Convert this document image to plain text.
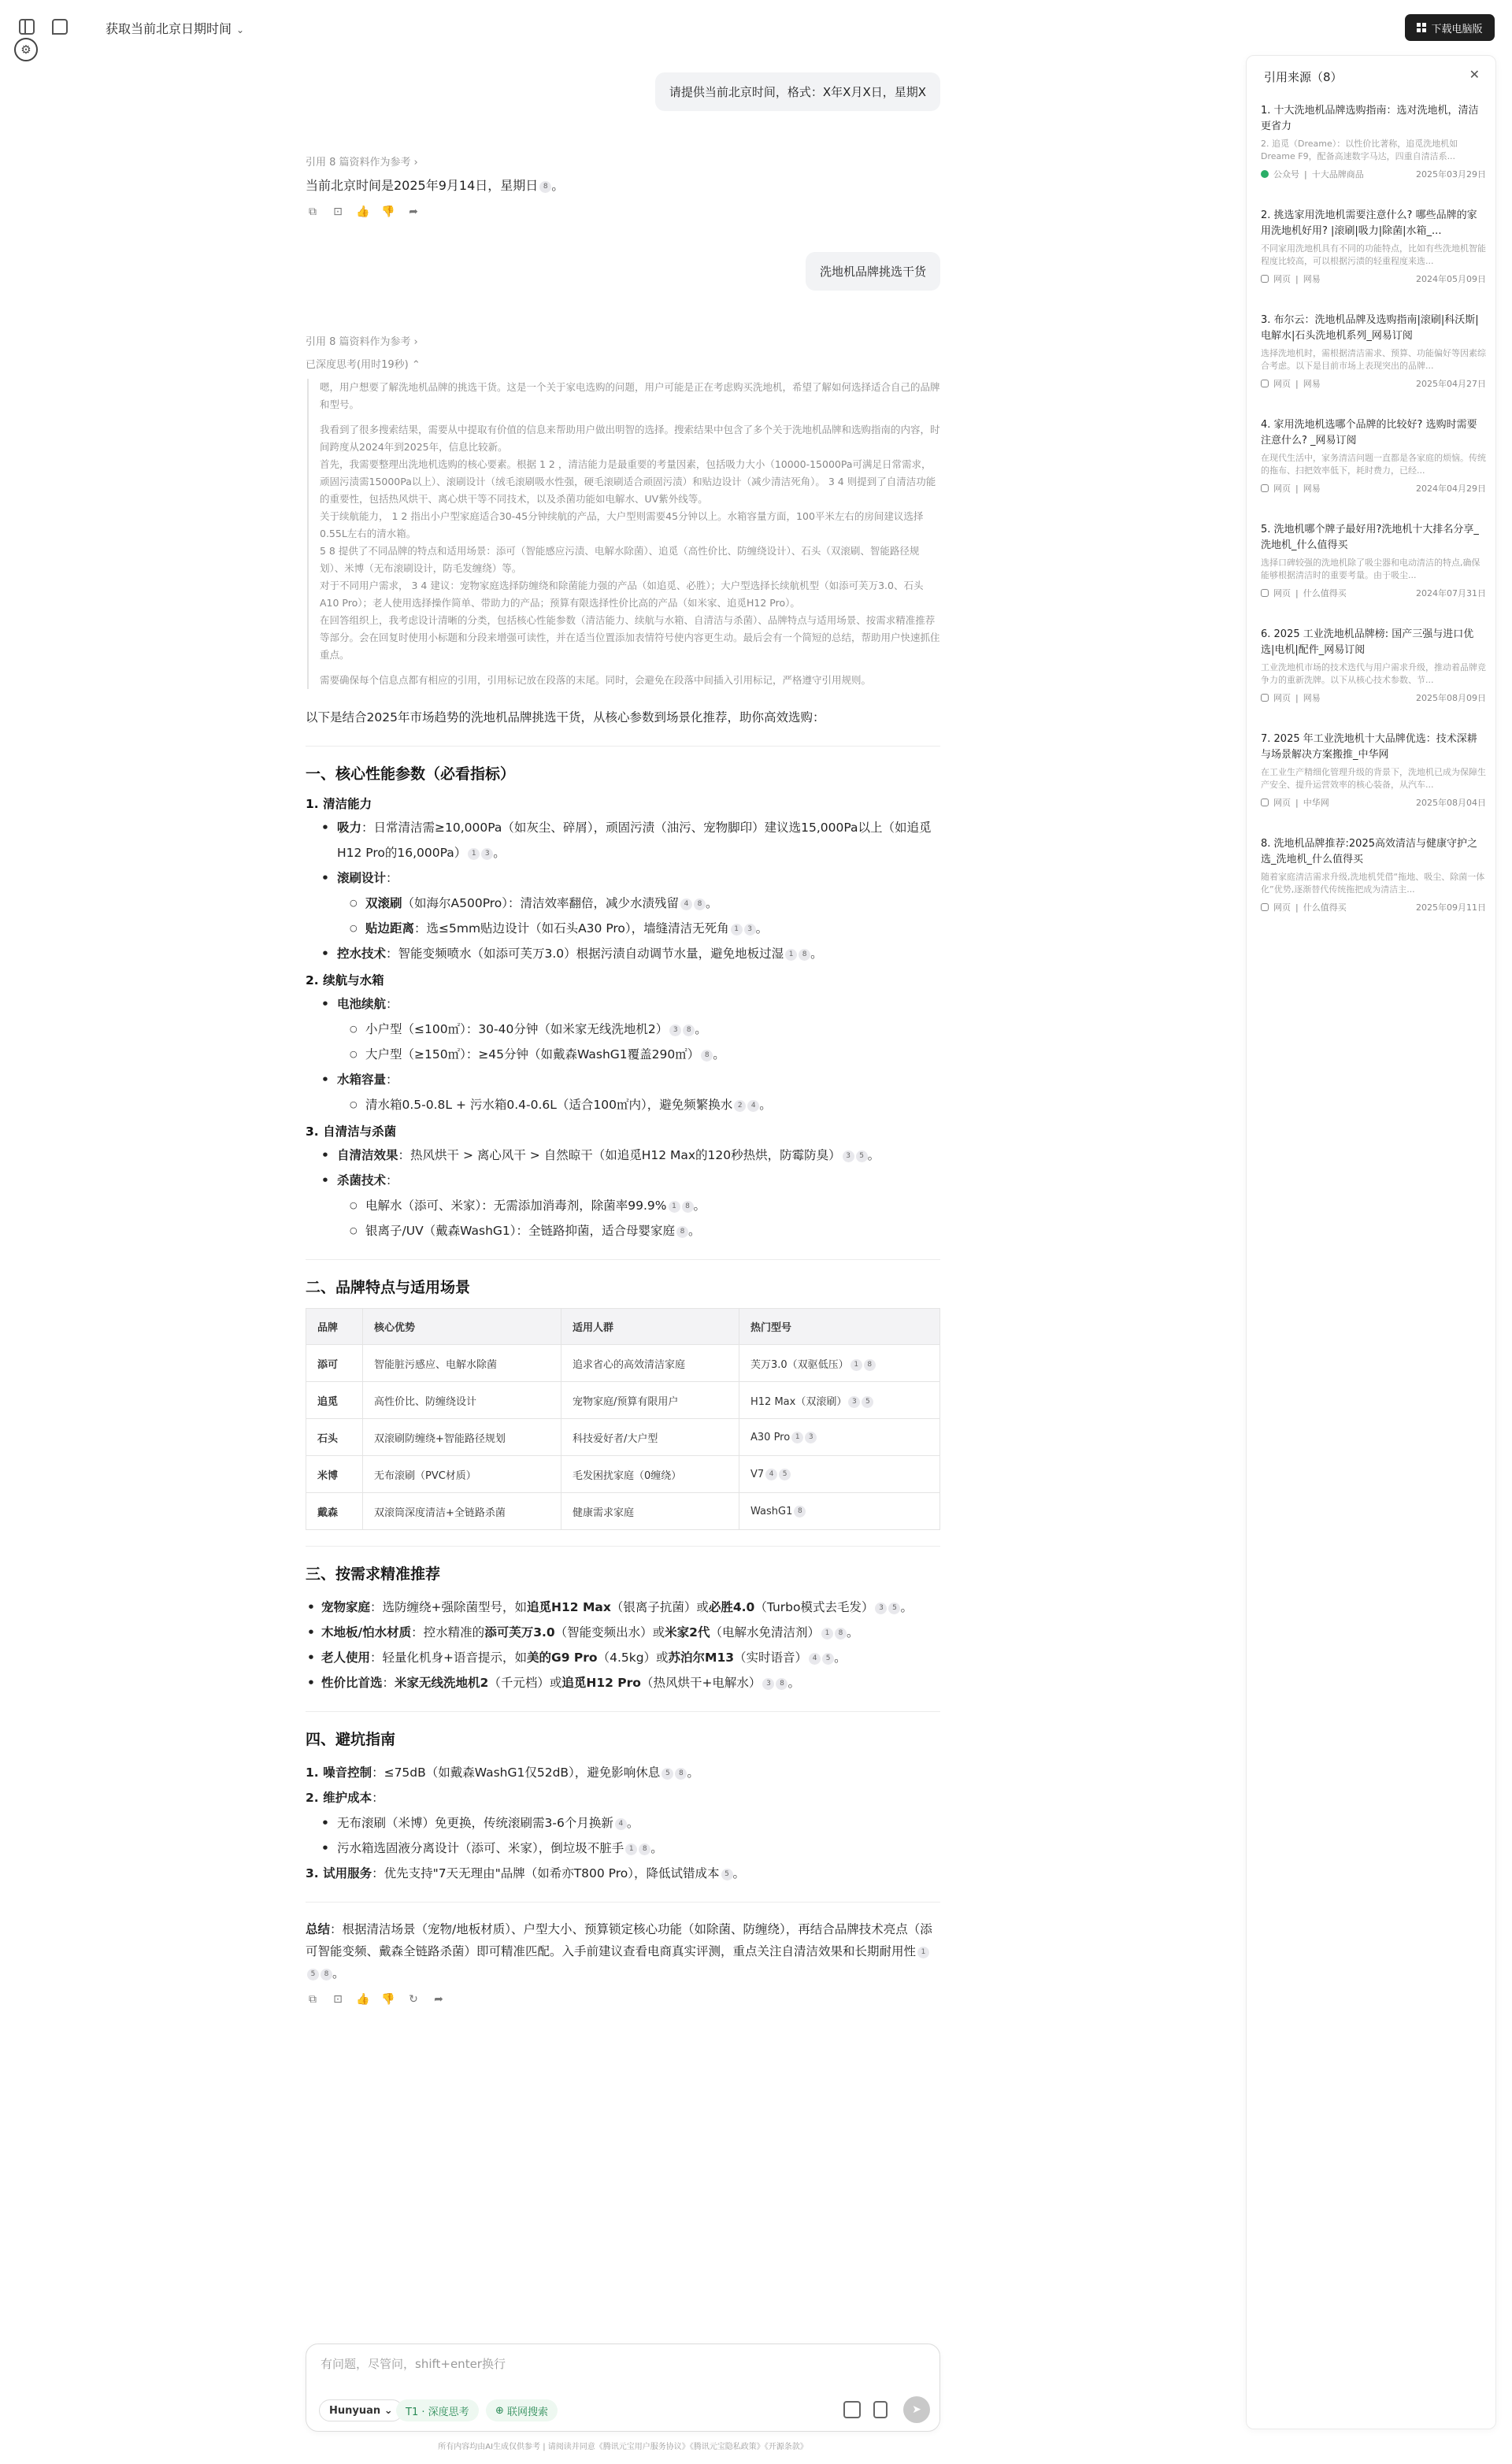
获取当前北京日期时间 ⌄
⚙
下载电脑版
请提供当前北京时间，格式：X年X月X日，星期X
引用 8 篇资料作为参考 ›
当前北京时间是2025年9月14日，星期日 8 。
⧉ ⊡ 👍 👎 ➦
洗地机品牌挑选干货
引用 8 篇资料作为参考 ›
已深度思考(用时19秒) ⌃

嗯，用户想要了解洗地机品牌的挑选干货。这是一个关于家电选购的问题，用户可能是正在考虑购买洗地机，希望了解如何选择适合自己的品牌和型号。

我看到了很多搜索结果，需要从中提取有价值的信息来帮助用户做出明智的选择。搜索结果中包含了多个关于洗地机品牌和选购指南的内容，时间跨度从2024年到2025年，信息比较新。

首先，我需要整理出洗地机选购的核心要素。根据 1 2 ，清洁能力是最重要的考量因素，包括吸力大小（10000-15000Pa可满足日常需求，顽固污渍需15000Pa以上）、滚刷设计（绒毛滚刷吸水性强，硬毛滚刷适合顽固污渍）和贴边设计（减少清洁死角）。 3 4 则提到了自清洁功能的重要性，包括热风烘干、离心烘干等不同技术，以及杀菌功能如电解水、UV紫外线等。

关于续航能力， 1 2 指出小户型家庭适合30-45分钟续航的产品，大户型则需要45分钟以上。水箱容量方面，100平米左右的房间建议选择0.55L左右的清水箱。

5 8 提供了不同品牌的特点和适用场景：添可（智能感应污渍、电解水除菌）、追觅（高性价比、防缠绕设计）、石头（双滚刷、智能路径规划）、米博（无布滚刷设计，防毛发缠绕）等。

对于不同用户需求， 3 4 建议：宠物家庭选择防缠绕和除菌能力强的产品（如追觅、必胜）；大户型选择长续航机型（如添可芙万3.0、石头A10 Pro）；老人使用选择操作简单、带助力的产品；预算有限选择性价比高的产品（如米家、追觅H12 Pro）。

在回答组织上，我考虑设计清晰的分类，包括核心性能参数（清洁能力、续航与水箱、自清洁与杀菌）、品牌特点与适用场景、按需求精准推荐等部分。会在回复时使用小标题和分段来增强可读性，并在适当位置添加表情符号使内容更生动。最后会有一个简短的总结，帮助用户快速抓住重点。

需要确保每个信息点都有相应的引用，引用标记放在段落的末尾。同时，会避免在段落中间插入引用标记，严格遵守引用规则。

以下是结合2025年市场趋势的洗地机品牌挑选干货，从核心参数到场景化推荐，助你高效选购：
一、核心性能参数（必看指标）
1. 清洁能力
• 吸力：日常清洁需≥10,000Pa（如灰尘、碎屑），顽固污渍（油污、宠物脚印）建议选15,000Pa以上（如追觅H12 Pro的16,000Pa） 1 3 。
• 滚刷设计：
○ 双滚刷（如海尔A500Pro）：清洁效率翻倍，减少水渍残留 4 8 。
○ 贴边距离：选≤5mm贴边设计（如石头A30 Pro），墙缝清洁无死角 1 3 。
• 控水技术：智能变频喷水（如添可芙万3.0）根据污渍自动调节水量，避免地板过湿 1 8 。
2. 续航与水箱
• 电池续航：
○ 小户型（≤100㎡）：30-40分钟（如米家无线洗地机2） 3 8 。
○ 大户型（≥150㎡）：≥45分钟（如戴森WashG1覆盖290㎡） 8 。
• 水箱容量：
○ 清水箱0.5-0.8L + 污水箱0.4-0.6L（适合100㎡内），避免频繁换水 2 4 。
3. 自清洁与杀菌
• 自清洁效果：热风烘干 > 离心风干 > 自然晾干（如追觅H12 Max的120秒热烘，防霉防臭） 3 5 。
• 杀菌技术：
○ 电解水（添可、米家）：无需添加消毒剂，除菌率99.9% 1 8 。
○ 银离子/UV（戴森WashG1）：全链路抑菌，适合母婴家庭 8 。
二、品牌特点与适用场景
品牌	核心优势	适用人群	热门型号
添可	智能脏污感应、电解水除菌	追求省心的高效清洁家庭	芙万3.0（双驱低压） 1 8
追觅	高性价比、防缠绕设计	宠物家庭/预算有限用户	H12 Max（双滚刷） 3 5
石头	双滚刷防缠绕+智能路径规划	科技爱好者/大户型	A30 Pro 1 3
米博	无布滚刷（PVC材质）	毛发困扰家庭（0缠绕）	V7 4 5
戴森	双滚筒深度清洁+全链路杀菌	健康需求家庭	WashG1 8
三、按需求精准推荐
• 宠物家庭：选防缠绕+强除菌型号，如追觅H12 Max（银离子抗菌）或必胜4.0（Turbo模式去毛发） 3 5 。
• 木地板/怕水材质：控水精准的添可芙万3.0（智能变频出水）或米家2代（电解水免清洁剂） 1 8 。
• 老人使用：轻量化机身+语音提示，如美的G9 Pro（4.5kg）或苏泊尔M13（实时语音） 4 5 。
• 性价比首选：米家无线洗地机2（千元档）或追觅H12 Pro（热风烘干+电解水） 3 8 。
四、避坑指南
1. 噪音控制：≤75dB（如戴森WashG1仅52dB），避免影响休息 5 8 。
2. 维护成本：
• 无布滚刷（米博）免更换，传统滚刷需3-6个月换新 4 。
• 污水箱选固液分离设计（添可、米家），倒垃圾不脏手 1 8 。
3. 试用服务：优先支持"7天无理由"品牌（如希亦T800 Pro），降低试错成本 5 。
总结：根据清洁场景（宠物/地板材质）、户型大小、预算锁定核心功能（如除菌、防缠绕），再结合品牌技术亮点（添可智能变频、戴森全链路杀菌）即可精准匹配。入手前建议查看电商真实评测，重点关注自清洁效果和长期耐用性 15 8 。
⧉ ⊡ 👍 👎 ↻ ➦
有问题，尽管问，shift+enter换行
Hunyuan
⌄ T1 · 深度思考	⊕
联网搜索	➤
所有内容均由AI生成仅供参考 | 请阅读并同意《腾讯元宝用户服务协议》《腾讯元宝隐私政策》《开源条款》
引用来源（8）	✕
1. 十大洗地机品牌选购指南：选对洗地机，清洁更省力
2. 追觅（Dreame）：以性价比著称，追觅洗地机如Dreame F9，配备高速数字马达，四重自清洁系...
公众号 | 十大品牌商品	2025年03月29日
2. 挑选家用洗地机需要注意什么? 哪些品牌的家用洗地机好用? |滚刷|吸力|除菌|水箱_...
不同家用洗地机具有不同的功能特点，比如有些洗地机智能程度比较高，可以根据污渍的轻重程度来选...
网页 | 网易	2024年05月09日
3. 布尔云：洗地机品牌及选购指南|滚刷|科沃斯|电解水|石头洗地机系列_网易订阅
选择洗地机时，需根据清洁需求、预算、功能偏好等因素综合考虑。以下是目前市场上表现突出的品牌...
网页 | 网易	2025年04月27日
4. 家用洗地机选哪个品牌的比较好? 选购时需要注意什么? _网易订阅
在现代生活中，家务清洁问题一直都是各家庭的烦恼。传统的拖布、扫把效率低下，耗时费力，已经...
网页 | 网易	2024年04月29日
5. 洗地机哪个牌子最好用?洗地机十大排名分享_洗地机_什么值得买
选择口碑较强的洗地机除了吸尘器和电动清洁的特点,确保能够根据清洁时的重要考量。由于吸尘...
网页 | 什么值得买	2024年07月31日
6. 2025 工业洗地机品牌榜: 国产三强与进口优选|电机|配件_网易订阅
工业洗地机市场的技术迭代与用户需求升级，推动着品牌竞争力的重新洗牌。以下从核心技术参数、节...
网页 | 网易	2025年08月09日
7. 2025 年工业洗地机十大品牌优选：技术深耕与场景解决方案搬推_中华网
在工业生产精细化管理升级的背景下，洗地机已成为保障生产安全、提升运营效率的核心装备，从汽车...
网页 | 中华网	2025年08月04日
8. 洗地机品牌推荐:2025高效清洁与健康守护之选_洗地机_什么值得买
随着家庭清洁需求升级,洗地机凭借“拖地、吸尘、除菌一体化”优势,逐渐替代传统拖把成为清洁主...
网页 | 什么值得买	2025年09月11日
